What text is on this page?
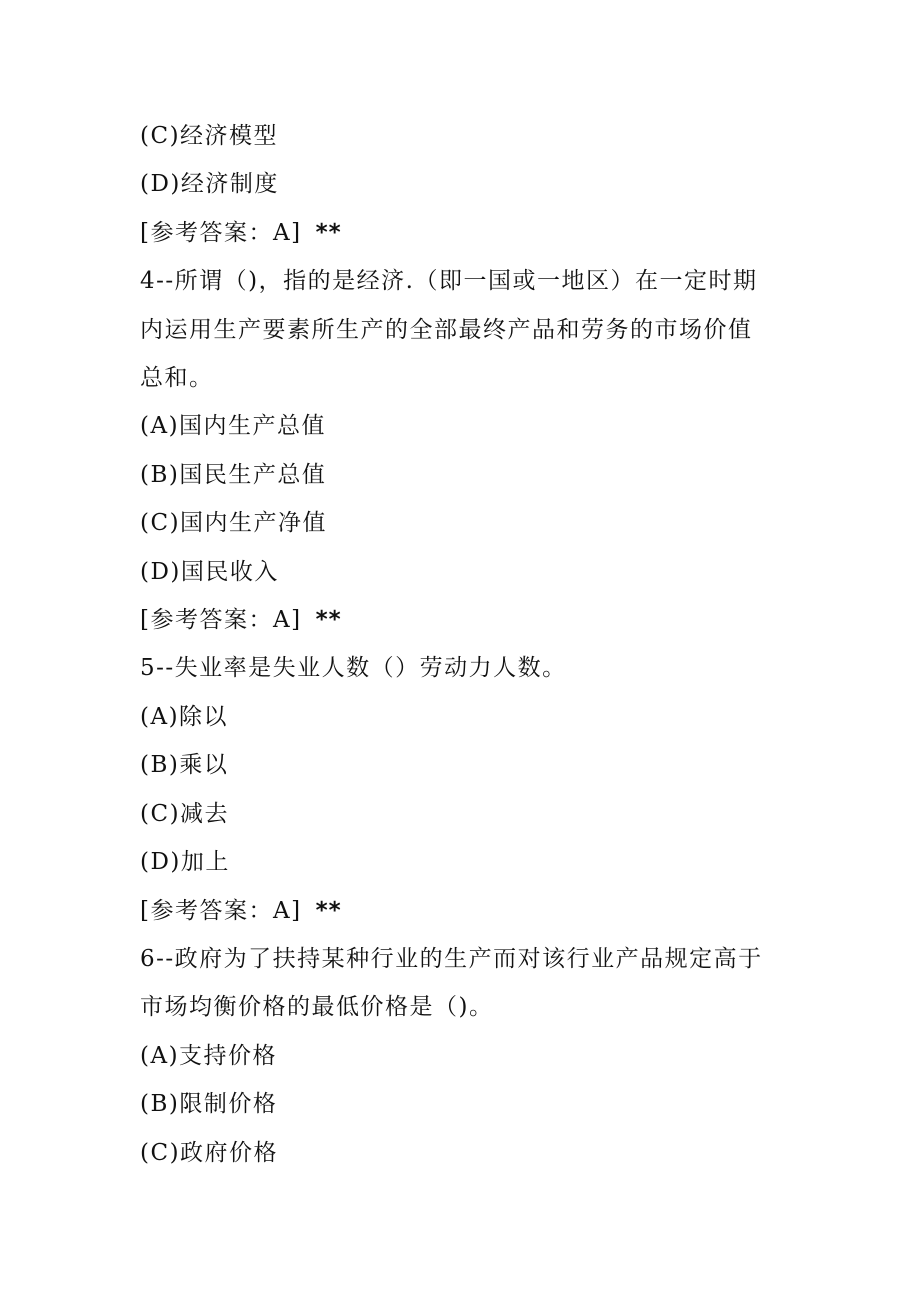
(C)经济模型
(D)经济制度
[参考答案：A] **
4--所谓（)，指的是经济.（即一国或一地区）在一定时期
内运用生产要素所生产的全部最终产品和劳务的市场价值
总和。
(A)国内生产总值
(B)国民生产总值
(C)国内生产净值
(D)国民收入
[参考答案：A] **
5--失业率是失业人数（）劳动力人数。
(A)除以
(B)乘以
(C)减去
(D)加上
[参考答案：A] **
6--政府为了扶持某种行业的生产而对该行业产品规定高于
市场均衡价格的最低价格是（)。
(A)支持价格
(B)限制价格
(C)政府价格
